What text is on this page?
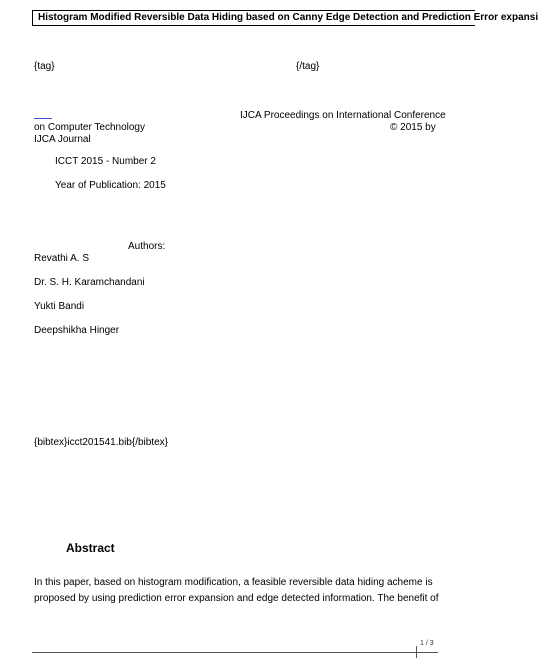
Histogram Modified Reversible Data Hiding based on Canny Edge Detection and Prediction Error expansi
{tag}	{/tag}
IJCA Proceedings on International Conference
on Computer Technology	© 2015 by
IJCA Journal
ICCT 2015 - Number 2
Year of Publication: 2015
Authors:
Revathi A. S
Dr. S. H. Karamchandani
Yukti Bandi
Deepshikha Hinger
{bibtex}icct201541.bib{/bibtex}
Abstract
In this paper, based on histogram modification, a feasible reversible data hiding acheme is
proposed by using prediction error expansion and edge detected information. The benefit of
1 / 3
